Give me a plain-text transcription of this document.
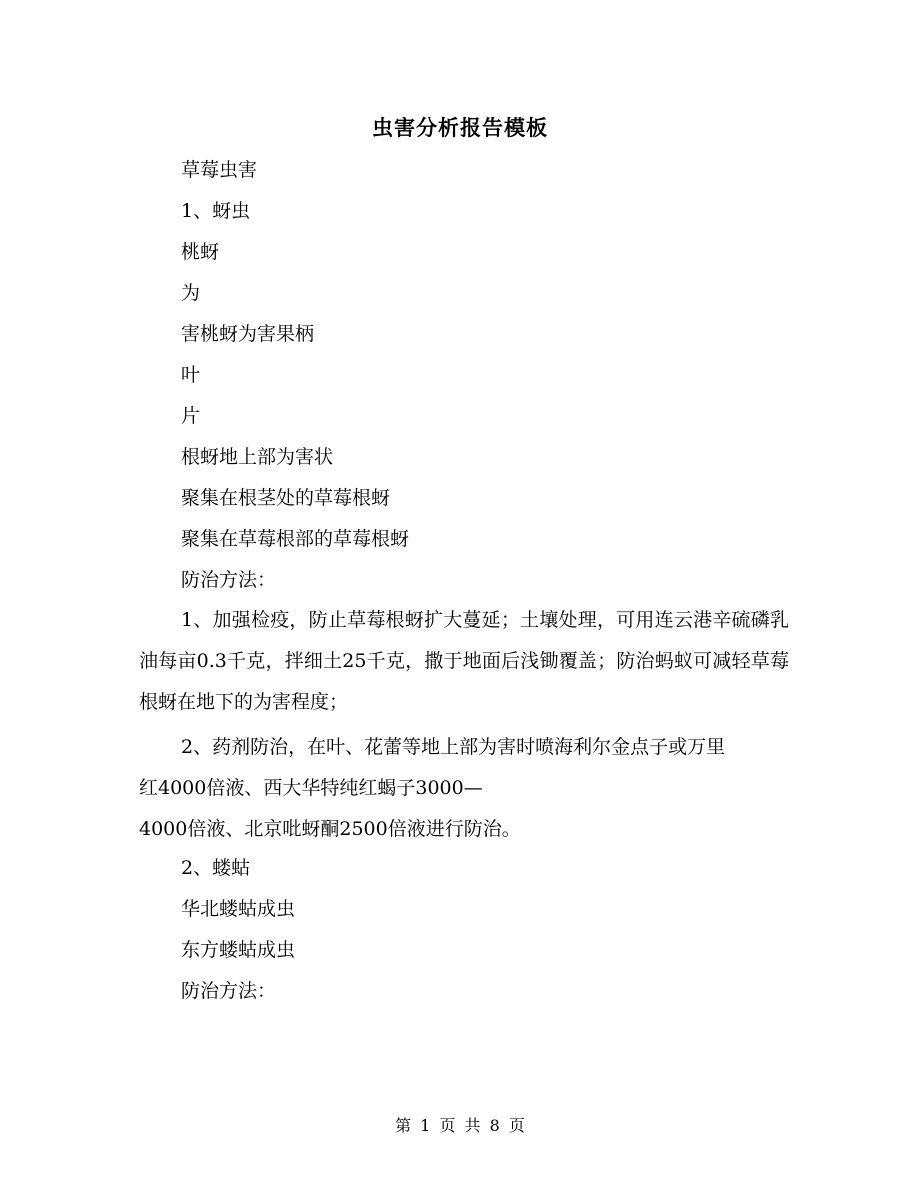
虫害分析报告模板
草莓虫害
1、蚜虫
桃蚜
为
害桃蚜为害果柄
叶
片
根蚜地上部为害状
聚集在根茎处的草莓根蚜
聚集在草莓根部的草莓根蚜
防治方法：
1、加强检疫，防止草莓根蚜扩大蔓延；土壤处理，可用连云港辛硫磷乳油每亩0.3千克，拌细土25千克，撒于地面后浅锄覆盖；防治蚂蚁可减轻草莓根蚜在地下的为害程度；
2、药剂防治，在叶、花蕾等地上部为害时喷海利尔金点子或万里
红4000倍液、西大华特纯红蝎子3000—
4000倍液、北京吡蚜酮2500倍液进行防治。
2、蝼蛄
华北蝼蛄成虫
东方蝼蛄成虫
防治方法：
第 1 页 共 8 页
